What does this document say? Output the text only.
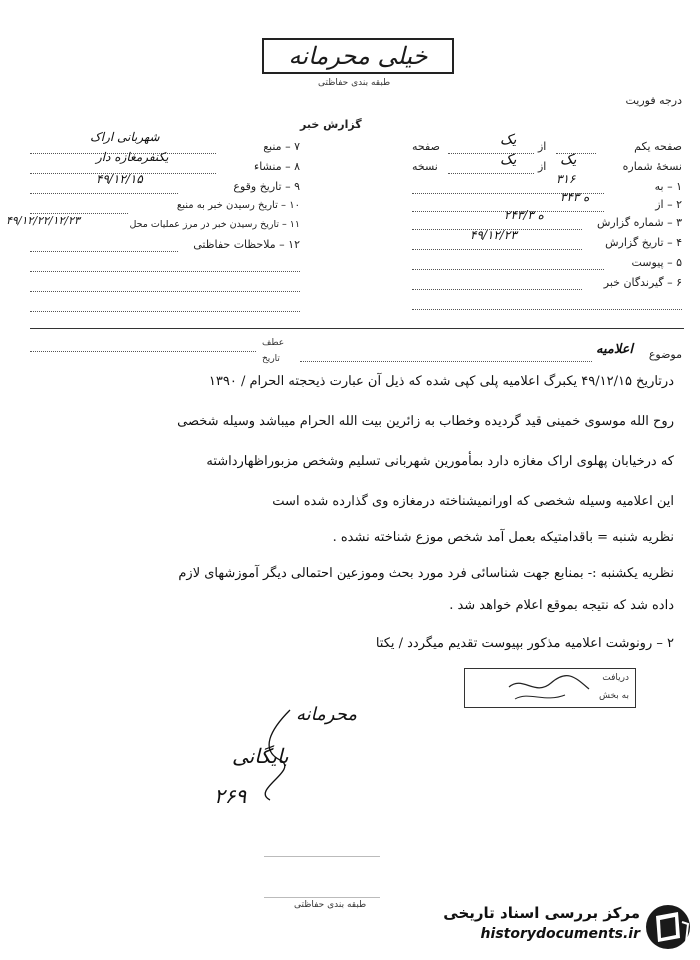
خیلی محرمانه
طبقه بندی حفاظتی
درجه فوریت
گزارش خبر
۷ – منبع
شهربانی اراک
۸ – منشاء
یکنفرمغازه دار
۹ – تاریخ وقوع
۴۹/۱۲/۱۵
۱۰ – تاریخ رسیدن خبر به منبع
۱۱ – تاریخ رسیدن خبر در مرز عملیات محل
۴۹/۱۲/۲۲/۱۲/۲۳
۱۲ – ملاحظات حفاظتی
صفحه یکم
از
یک
صفحه
نسخهٔ شماره
یک
از
یک
نسخه
۱ – به
۳۱۶
۲ – از
۳۴۳ ه
۳ – شماره گزارش
۲۴۳/۳ ه
۴ – تاریخ گزارش
۴۹/۱۲/۲۳
۵ – پیوست
۶ – گیرندگان خبر
موضوع
اعلامیه
عطف
تاریخ
درتاریخ ۴۹/۱۲/۱۵ یکبرگ اعلامیه پلی کپی شده که ذیل آن عبارت ذیحجته الحرام / ۱۳۹۰
روح الله موسوی خمینی قید گردیده وخطاب به زائرین بیت الله الحرام میباشد وسیله شخصی
که درخیابان پهلوی اراک مغازه دارد بمأمورین شهربانی تسلیم وشخص مزبوراظهارداشته
این اعلامیه وسیله شخصی که اورانمیشناخته درمغازه وی گذارده شده است
نظریه شنبه = باقدامتیکه بعمل آمد شخص موزع شناخته نشده .
نظریه یکشنبه :- بمنابع جهت شناسائی فرد مورد بحث وموزعین احتمالی دیگر آموزشهای لازم
داده شد که نتیجه بموقع اعلام خواهد شد .
۲ – رونوشت اعلامیه مذکور بپیوست تقدیم میگردد / یکتا
دریافت
به بخش
محرمانه
بایگانی
۲۶۹
طبقه بندی حفاظتی	مرکز بررسی اسناد تاریخی
historydocuments.ir
